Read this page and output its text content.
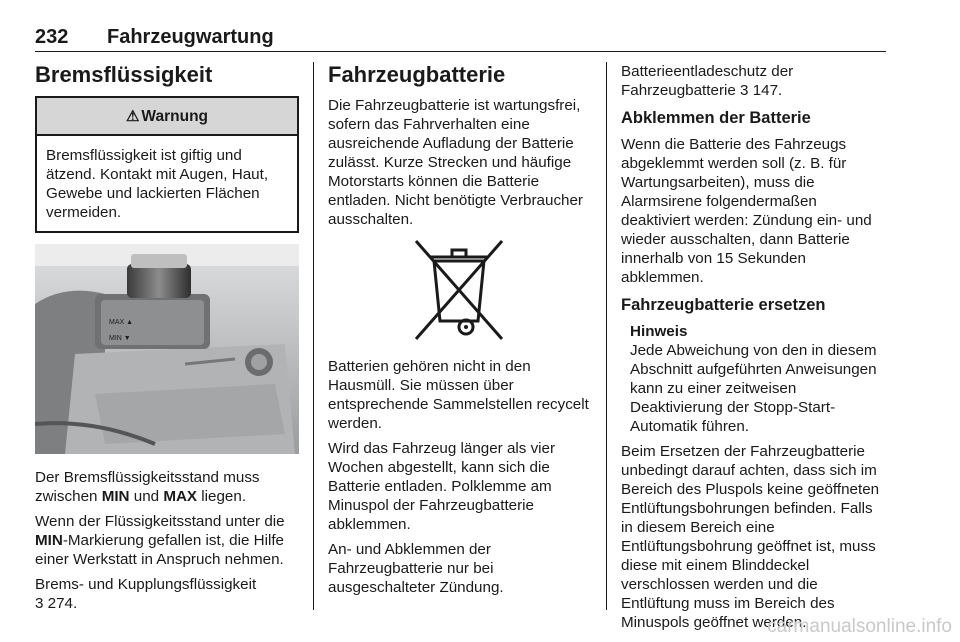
232 Fahrzeugwartung
Bremsflüssigkeit
⚠ Warnung
Bremsflüssigkeit ist giftig und ätzend. Kontakt mit Augen, Haut, Gewebe und lackierten Flächen vermeiden.
MAX ▲
MIN ▼

Der Bremsflüssigkeitsstand muss zwischen MIN und MAX liegen.

Wenn der Flüssigkeitsstand unter die MIN-Markierung gefallen ist, die Hilfe einer Werkstatt in Anspruch nehmen.

Brems- und Kupplungsflüssigkeit
3 274.

Fahrzeugbatterie

Die Fahrzeugbatterie ist wartungsfrei, sofern das Fahrverhalten eine ausreichende Aufladung der Batterie zulässt. Kurze Strecken und häufige Motorstarts können die Batterie entladen. Nicht benötigte Verbraucher ausschalten.

Batterien gehören nicht in den Hausmüll. Sie müssen über entsprechende Sammelstellen recycelt werden.

Wird das Fahrzeug länger als vier Wochen abgestellt, kann sich die Batterie entladen. Polklemme am Minuspol der Fahrzeugbatterie abklemmen.

An- und Abklemmen der Fahrzeugbatterie nur bei ausgeschalteter Zündung.

Batterieentladeschutz der Fahrzeugbatterie 3 147.

Abklemmen der Batterie

Wenn die Batterie des Fahrzeugs abgeklemmt werden soll (z. B. für Wartungsarbeiten), muss die Alarmsirene folgendermaßen deaktiviert werden: Zündung ein- und wieder ausschalten, dann Batterie innerhalb von 15 Sekunden abklemmen.

Fahrzeugbatterie ersetzen
Hinweis

Jede Abweichung von den in diesem Abschnitt aufgeführten Anweisungen kann zu einer zeitweisen Deaktivierung der Stopp-Start-Automatik führen.

Beim Ersetzen der Fahrzeugbatterie unbedingt darauf achten, dass sich im Bereich des Pluspols keine geöffneten Entlüftungsbohrungen befinden. Falls in diesem Bereich eine Entlüftungsbohrung geöffnet ist, muss diese mit einem Blinddeckel verschlossen werden und die Entlüftung muss im Bereich des Minuspols geöffnet werden.

carmanualsonline.info
